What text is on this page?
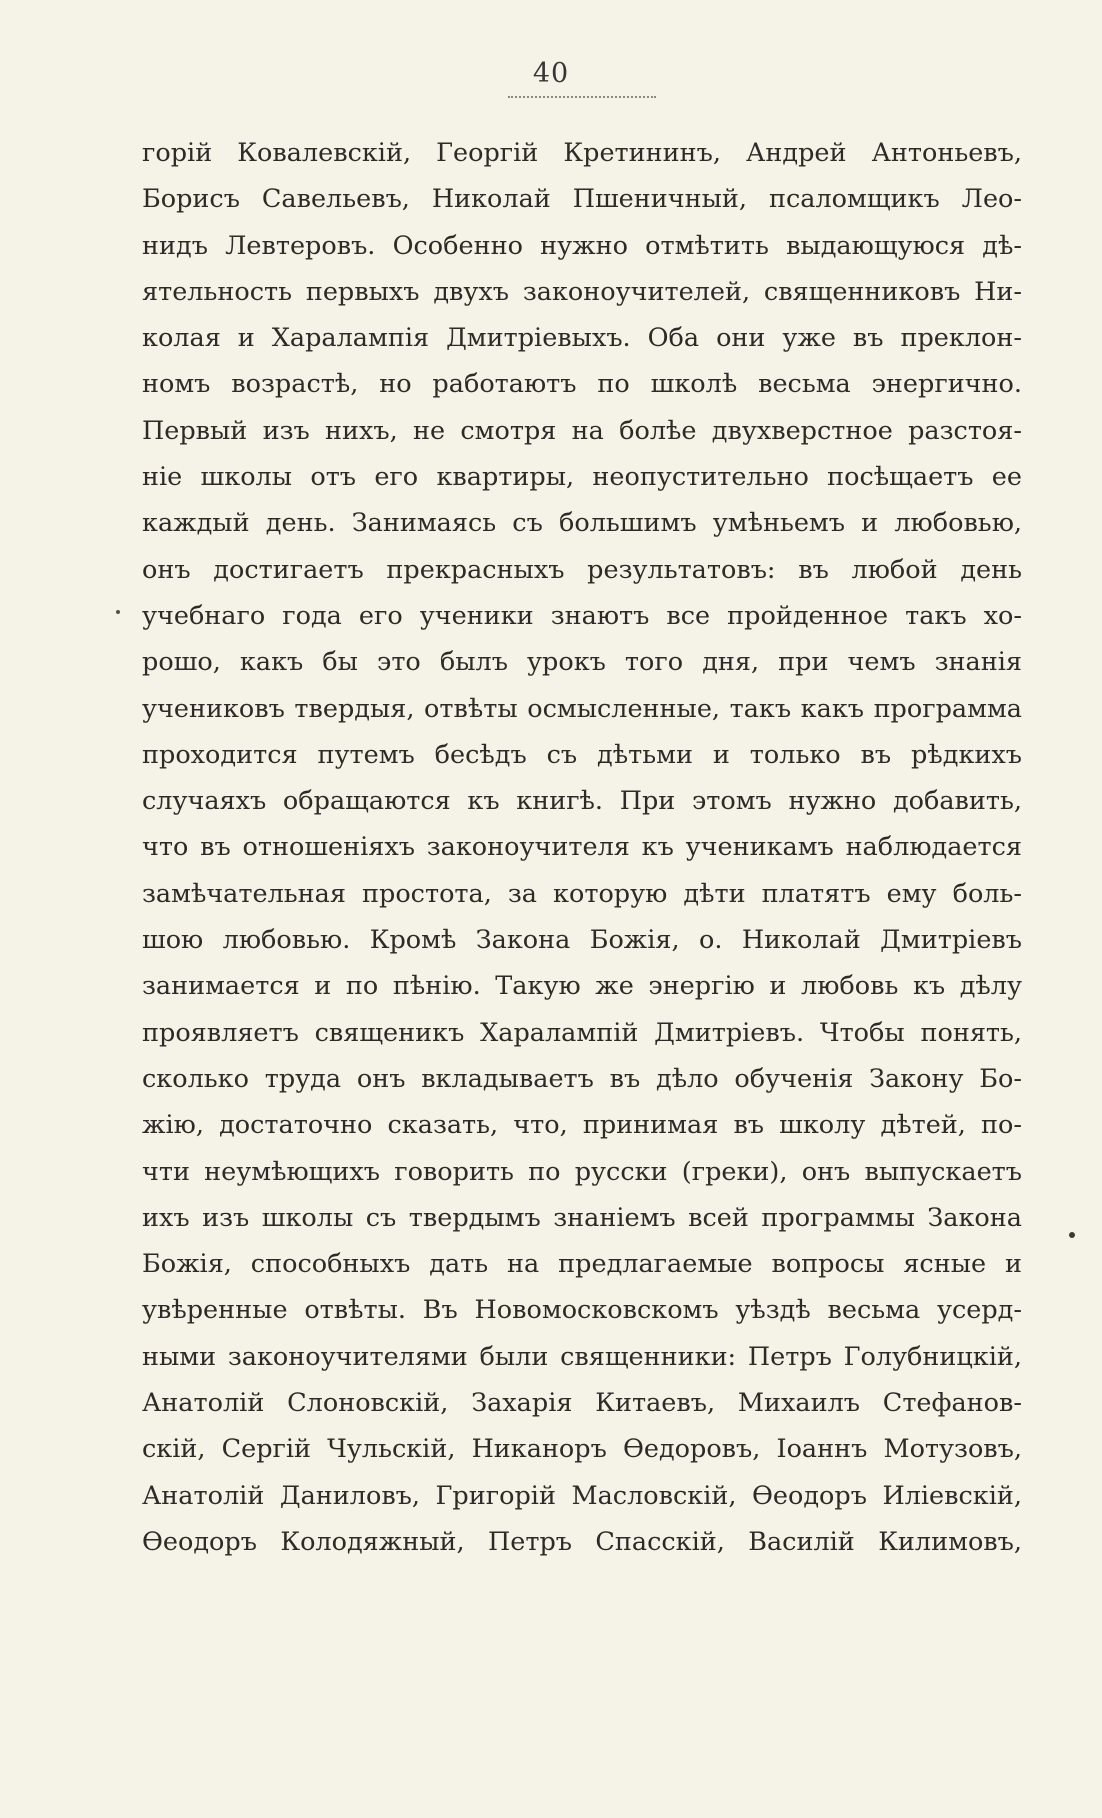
40
горій Ковалевскій, Георгій Кретининъ, Андрей Антоньевъ,
Борисъ Савельевъ, Николай Пшеничный, псаломщикъ Лео-
нидъ Левтеровъ. Особенно нужно отмѣтить выдающуюся дѣ-
ятельность первыхъ двухъ законоучителей, священниковъ Ни-
колая и Харалампія Дмитріевыхъ. Оба они уже въ преклон-
номъ возрастѣ, но работаютъ по школѣ весьма энергично.
Первый изъ нихъ, не смотря на болѣе двухверстное разстоя-
ніе школы отъ его квартиры, неопустительно посѣщаетъ ее
каждый день. Занимаясь съ большимъ умѣньемъ и любовью,
онъ достигаетъ прекрасныхъ результатовъ: въ любой день
учебнаго года его ученики знаютъ все пройденное такъ хо-
рошо, какъ бы это былъ урокъ того дня, при чемъ знанія
учениковъ твердыя, отвѣты осмысленные, такъ какъ программа
проходится путемъ бесѣдъ съ дѣтьми и только въ рѣдкихъ
случаяхъ обращаются къ книгѣ. При этомъ нужно добавить,
что въ отношеніяхъ законоучителя къ ученикамъ наблюдается
замѣчательная простота, за которую дѣти платятъ ему боль-
шою любовью. Кромѣ Закона Божія, о. Николай Дмитріевъ
занимается и по пѣнію. Такую же энергію и любовь къ дѣлу
проявляетъ священикъ Харалампій Дмитріевъ. Чтобы понять,
сколько труда онъ вкладываетъ въ дѣло обученія Закону Бо-
жію, достаточно сказать, что, принимая въ школу дѣтей, по-
чти неумѣющихъ говорить по русски (греки), онъ выпускаетъ
ихъ изъ школы съ твердымъ знаніемъ всей программы Закона
Божія, способныхъ дать на предлагаемые вопросы ясные и
увѣренные отвѣты. Въ Новомосковскомъ уѣздѣ весьма усерд-
ными законоучителями были священники: Петръ Голубницкій,
Анатолій Слоновскій, Захарія Китаевъ, Михаилъ Стефанов-
скій, Сергій Чульскій, Никаноръ Өедоровъ, Іоаннъ Мотузовъ,
Анатолій Даниловъ, Григорій Масловскій, Өеодоръ Иліевскій,
Өеодоръ Колодяжный, Петръ Спасскій, Василій Килимовъ,
